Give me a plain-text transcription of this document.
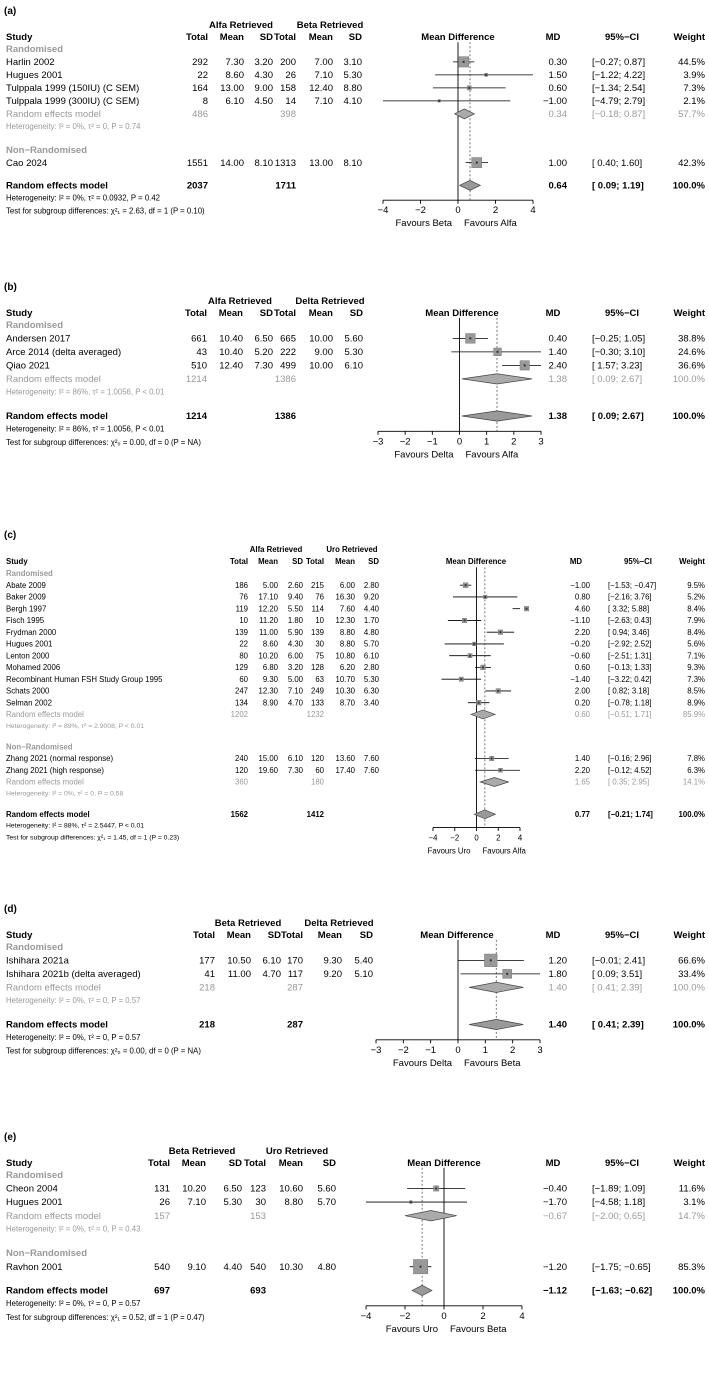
(a)
Alfa Retrieved	Beta Retrieved
Study	Total Mean SD Total Mean SD	Mean Difference	MD	95%−CI	Weight
Randomised
Harlin 2002	292 7.30 3.20 200 7.00 3.10	0.30	[−0.27; 0.87]	44.5%
Hugues 2001	22 8.60 4.30 26 7.10 5.30	1.50	[−1.22; 4.22]	3.9%
Tulppala 1999 (150IU) (C SEM)	164 13.00 9.00 158 12.40 8.80	0.60	[−1.34; 2.54]	7.3%
Tulppala 1999 (300IU) (C SEM)	8 6.10 4.50 14 7.10 4.10	−1.00	[−4.79; 2.79]	2.1%
Random effects model	486	398	0.34	[−0.18; 0.87]	57.7%
Heterogeneity: I² = 0%, τ² = 0, P = 0.74
Non−Randomised
Cao 2024	1551 14.00 8.10 1313 13.00 8.10	1.00	[ 0.40; 1.60]	42.3%
Random effects model	2037	1711	0.64	[ 0.09; 1.19]	100.0%
Heterogeneity: I² = 0%, τ² = 0.0932, P = 0.42
Test for subgroup differences: χ²₁ = 2.63, df = 1 (P = 0.10)	−4	−2	0	2	4
Favours Beta Favours Alfa
(b)
Alfa Retrieved Delta Retrieved
Study	Total Mean SD Total Mean SD	Mean Difference	MD	95%−CI	Weight
Randomised
Andersen 2017	661 10.40 6.50 665 10.00 5.60	0.40	[−0.25; 1.05]	38.8%
Arce 2014 (delta averaged)	43 10.40 5.20 222 9.00 5.30	1.40	[−0.30; 3.10]	24.6%
Qiao 2021	510 12.40 7.30 499 10.00 6.10	2.40	[ 1.57; 3.23]	36.6%
Random effects model	1214	1386	1.38	[ 0.09; 2.67]	100.0%
Heterogeneity: I² = 86%, τ² = 1.0056, P < 0.01
Random effects model	1214	1386	1.38	[ 0.09; 2.67]	100.0%
Heterogeneity: I² = 86%, τ² = 1.0056, P < 0.01
Test for subgroup differences: χ²₀ = 0.00, df = 0 (P = NA)	−3 −2 −1 0 1 2 3
Favours Delta Favours Alfa
(c)
Alfa Retrieved	Uro Retrieved
Study	Total Mean SD Total Mean SD	Mean Difference	MD	95%−CI	Weight
Randomised
Abate 2009	186 5.00 2.60 215 6.00 2.80	−1.00 [−1.53; −0.47]	9.5%
Baker 2009	76 17.10 9.40 76 16.30 9.20	0.80 [−2.16; 3.76]	5.2%
Bergh 1997	119 12.20 5.50 114 7.60 4.40	4.60 [ 3.32; 5.88]	8.4%
Fisch 1995	10 11.20 1.80 10 12.30 1.70	−1.10 [−2.63; 0.43]	7.9%
Frydman 2000	139 11.00 5.90 139 8.80 4.80	2.20 [ 0.94; 3.46]	8.4%
Hugues 2001	22 8.60 4.30 30 8.80 5.70	−0.20 [−2.92; 2.52]	5.6%
Lenton 2000	80 10.20 6.00 75 10.80 6.10	−0.60 [−2.51; 1.31]	7.1%
Mohamed 2006	129 6.80 3.20 128 6.20 2.80	0.60 [−0.13; 1.33]	9.3%
Recombinant Human FSH Study Group 1995	60 9.30 5.00 63 10.70 5.30	−1.40 [−3.22; 0.42]	7.3%
Schats 2000	247 12.30 7.10 249 10.30 6.30	2.00 [ 0.82; 3.18]	8.5%
Selman 2002	134 8.90 4.70 133 8.70 3.40	0.20 [−0.78; 1.18]	8.9%
Random effects model	1202	1232	0.60 [−0.51; 1.71]	85.9%
Heterogeneity: I² = 89%, τ² = 2.9008, P < 0.01
Non−Randomised
Zhang 2021 (normal response)	240 15.00 6.10 120 13.60 7.60	1.40 [−0.16; 2.96]	7.8%
Zhang 2021 (high response)	120 19.60 7.30 60 17.40 7.60	2.20 [−0.12; 4.52]	6.3%
Random effects model	360	180	1.65 [ 0.35; 2.95]	14.1%
Heterogeneity: I² = 0%, τ² = 0, P = 0.58
Random effects model	1562	1412	0.77 [−0.21; 1.74]	100.0%
Heterogeneity: I² = 88%, τ² = 2.5447, P < 0.01
Test for subgroup differences: χ²₁ = 1.45, df = 1 (P = 0.23)	−4 −2 0 2 4
Favours Uro Favours Alfa
(d)
Beta Retrieved Delta Retrieved
Study	Total Mean SD Total Mean SD	Mean Difference	MD	95%−CI	Weight
Randomised
Ishihara 2021a	177 10.50 6.10 170 9.30 5.40	1.20	[−0.01; 2.41]	66.6%
Ishihara 2021b (delta averaged)	41 11.00 4.70 117 9.20 5.10	1.80	[ 0.09; 3.51]	33.4%
Random effects model	218	287	1.40	[ 0.41; 2.39]	100.0%
Heterogeneity: I² = 0%, τ² = 0, P = 0.57
Random effects model	218	287	1.40	[ 0.41; 2.39]	100.0%
Heterogeneity: I² = 0%, τ² = 0, P = 0.57
Test for subgroup differences: χ²₀ = 0.00, df = 0 (P = NA)	−3 −2 −1 0 1 2 3
Favours Delta Favours Beta
(e)
Beta Retrieved	Uro Retrieved
Study	Total Mean SD Total Mean SD	Mean Difference	MD	95%−CI	Weight
Randomised
Cheon 2004	131 10.20 6.50 123 10.60 5.60	−0.40	[−1.89; 1.09]	11.6%
Hugues 2001	26 7.10 5.30 30 8.80 5.70	−1.70	[−4.58; 1.18]	3.1%
Random effects model	157	153	−0.67	[−2.00; 0.65]	14.7%
Heterogeneity: I² = 0%, τ² = 0, P = 0.43
Non−Randomised
Ravhon 2001	540 9.10 4.40 540 10.30 4.80	−1.20	[−1.75; −0.65]	85.3%
Random effects model	697	693	−1.12	[−1.63; −0.62] 100.0%
Heterogeneity: I² = 0%, τ² = 0, P = 0.57
Test for subgroup differences: χ²₁ = 0.52, df = 1 (P = 0.47)	−4	−2	0	2	4
Favours Uro Favours Beta
